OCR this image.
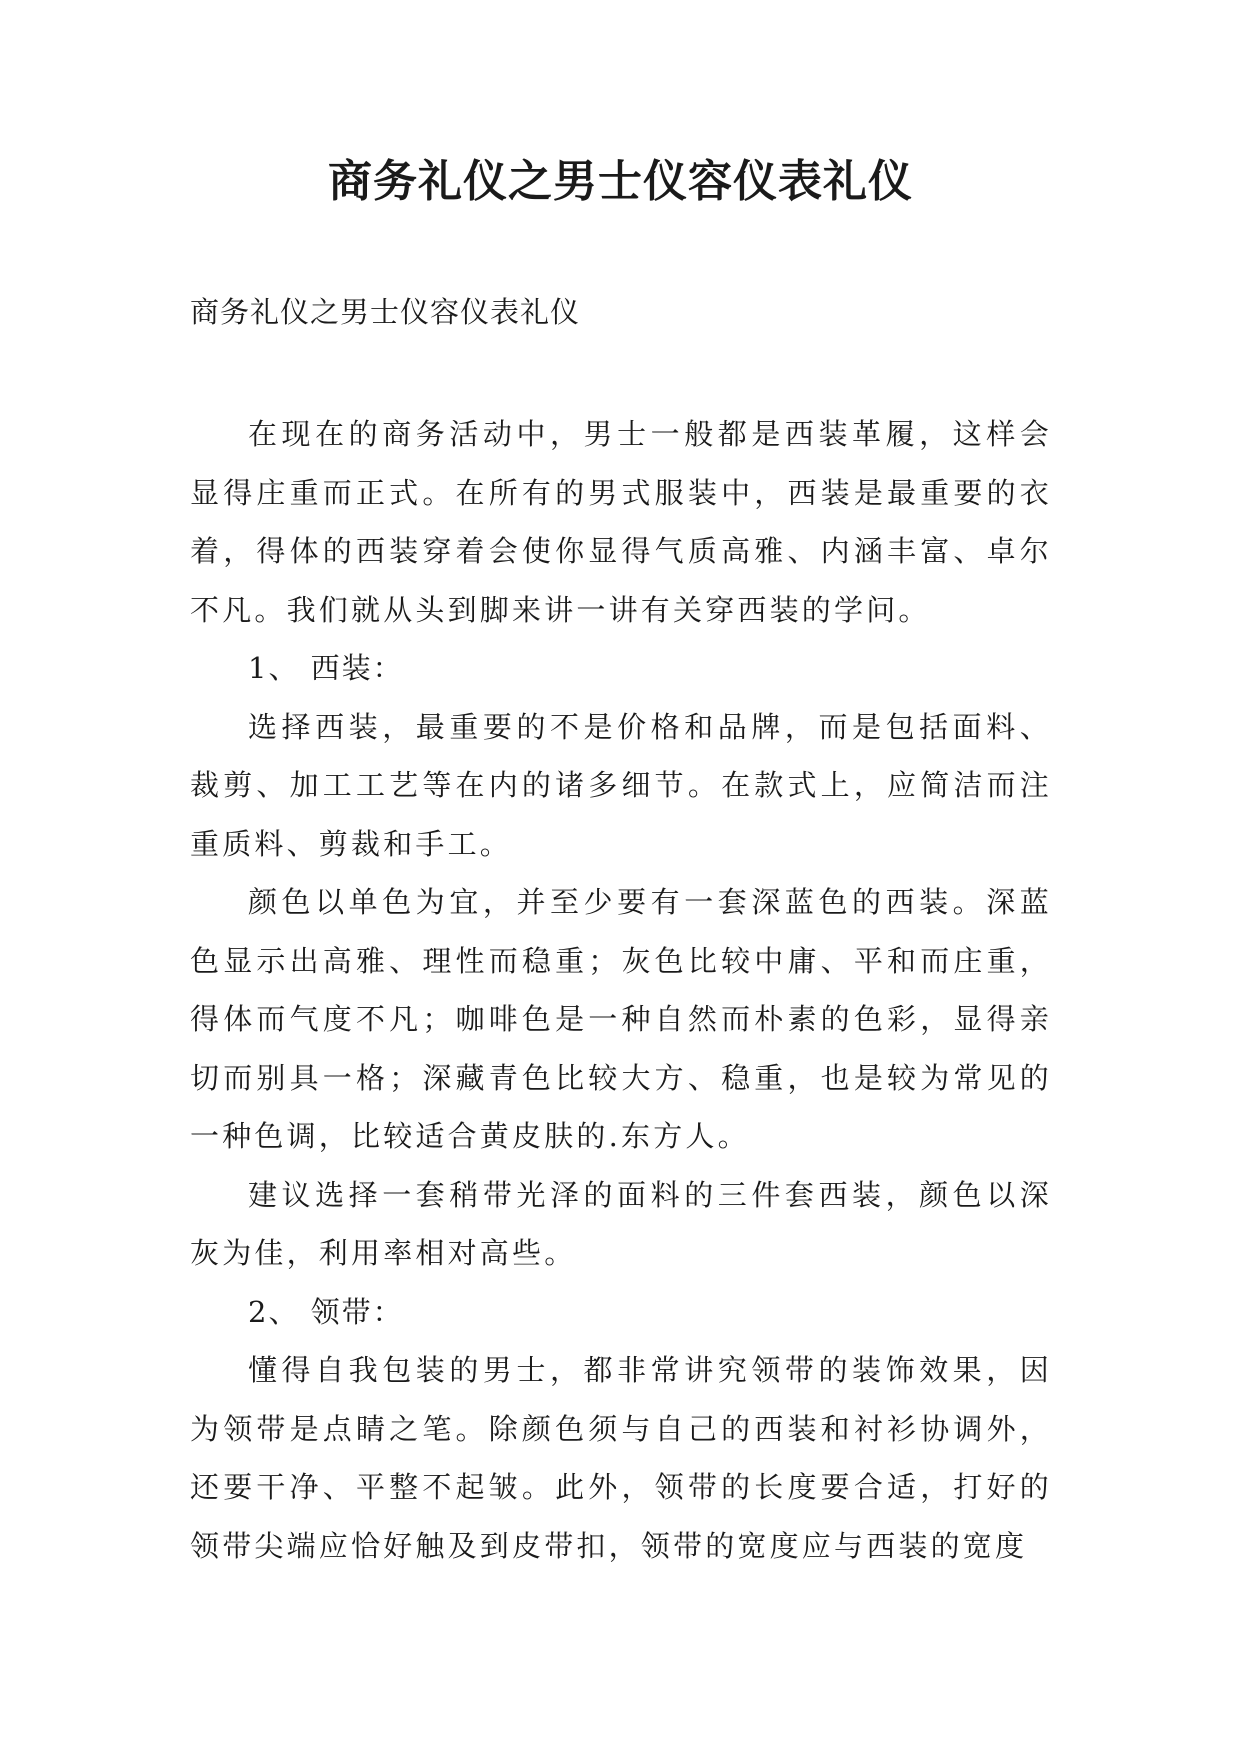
商务礼仪之男士仪容仪表礼仪

商务礼仪之男士仪容仪表礼仪

在现在的商务活动中，男士一般都是西装革履，这样会显得庄重而正式。在所有的男式服装中，西装是最重要的衣着，得体的西装穿着会使你显得气质高雅、内涵丰富、卓尔不凡。我们就从头到脚来讲一讲有关穿西装的学问。

1、 西装：

选择西装，最重要的不是价格和品牌，而是包括面料、裁剪、加工工艺等在内的诸多细节。在款式上，应简洁而注重质料、剪裁和手工。

颜色以单色为宜，并至少要有一套深蓝色的西装。深蓝色显示出高雅、理性而稳重；灰色比较中庸、平和而庄重，得体而气度不凡；咖啡色是一种自然而朴素的色彩，显得亲切而别具一格；深藏青色比较大方、稳重，也是较为常见的一种色调，比较适合黄皮肤的.东方人。

建议选择一套稍带光泽的面料的三件套西装，颜色以深灰为佳，利用率相对高些。

2、 领带：

懂得自我包装的男士，都非常讲究领带的装饰效果，因为领带是点睛之笔。除颜色须与自己的西装和衬衫协调外，还要干净、平整不起皱。此外，领带的长度要合适，打好的领带尖端应恰好触及到皮带扣，领带的宽度应与西装的宽度
